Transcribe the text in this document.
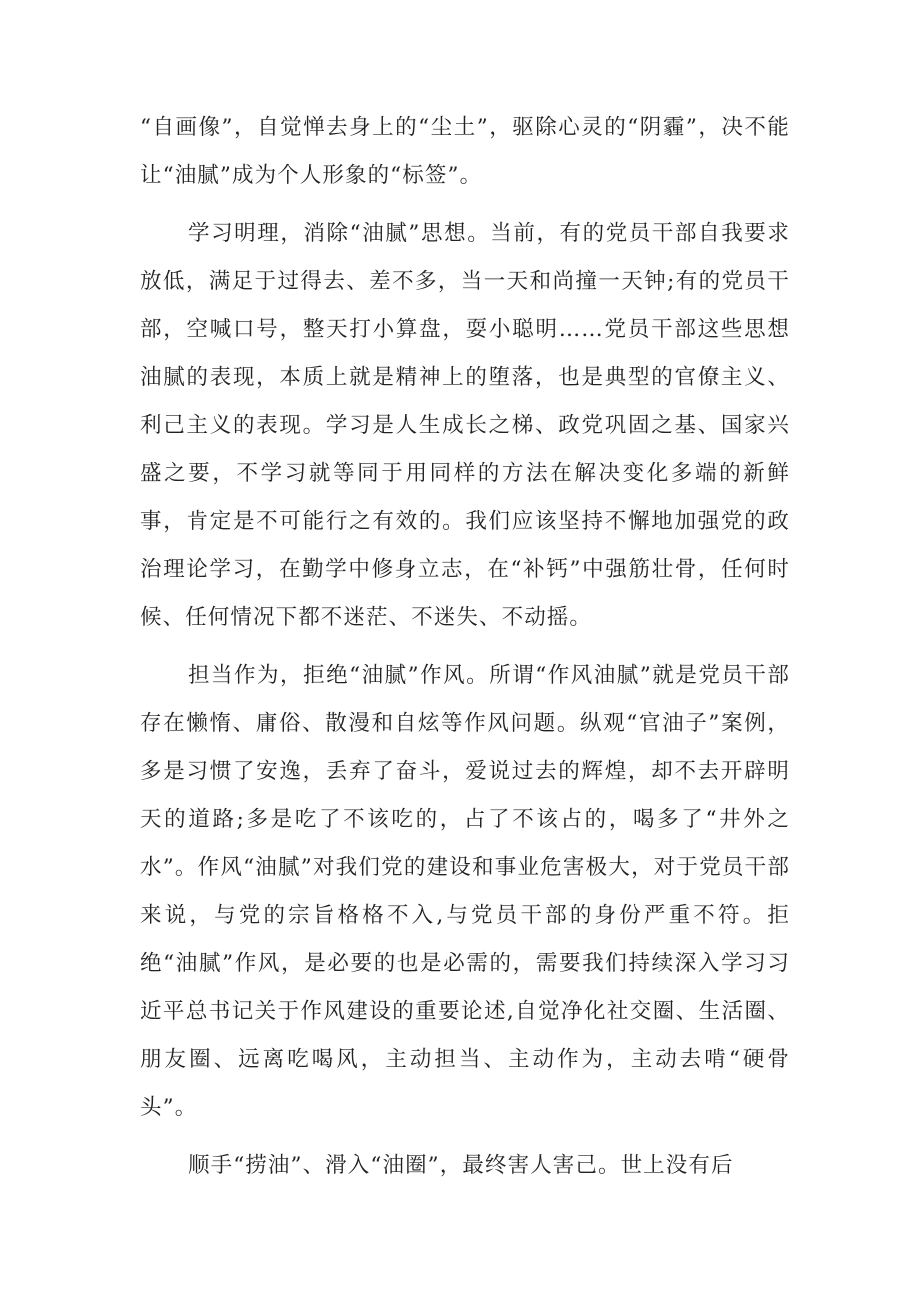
“自画像”，自觉惮去身上的“尘土”，驱除心灵的“阴霾”，决不能让“油腻”成为个人形象的“标签”。

学习明理，消除“油腻”思想。当前，有的党员干部自我要求放低，满足于过得去、差不多，当一天和尚撞一天钟;有的党员干部，空喊口号，整天打小算盘，耍小聪明……党员干部这些思想油腻的表现，本质上就是精神上的堕落，也是典型的官僚主义、利己主义的表现。学习是人生成长之梯、政党巩固之基、国家兴盛之要，不学习就等同于用同样的方法在解决变化多端的新鲜事，肯定是不可能行之有效的。我们应该坚持不懈地加强党的政治理论学习，在勤学中修身立志，在“补钙”中强筋壮骨，任何时候、任何情况下都不迷茫、不迷失、不动摇。

担当作为，拒绝“油腻”作风。所谓“作风油腻”就是党员干部存在懒惰、庸俗、散漫和自炫等作风问题。纵观“官油子”案例，多是习惯了安逸，丢弃了奋斗，爱说过去的辉煌，却不去开辟明天的道路;多是吃了不该吃的，占了不该占的，喝多了“井外之水”。作风“油腻”对我们党的建设和事业危害极大，对于党员干部来说，与党的宗旨格格不入,与党员干部的身份严重不符。拒绝“油腻”作风，是必要的也是必需的，需要我们持续深入学习习近平总书记关于作风建设的重要论述,自觉净化社交圈、生活圈、朋友圈、远离吃喝风，主动担当、主动作为，主动去啃“硬骨头”。

顺手“捞油”、滑入“油圈”，最终害人害己。世上没有后
